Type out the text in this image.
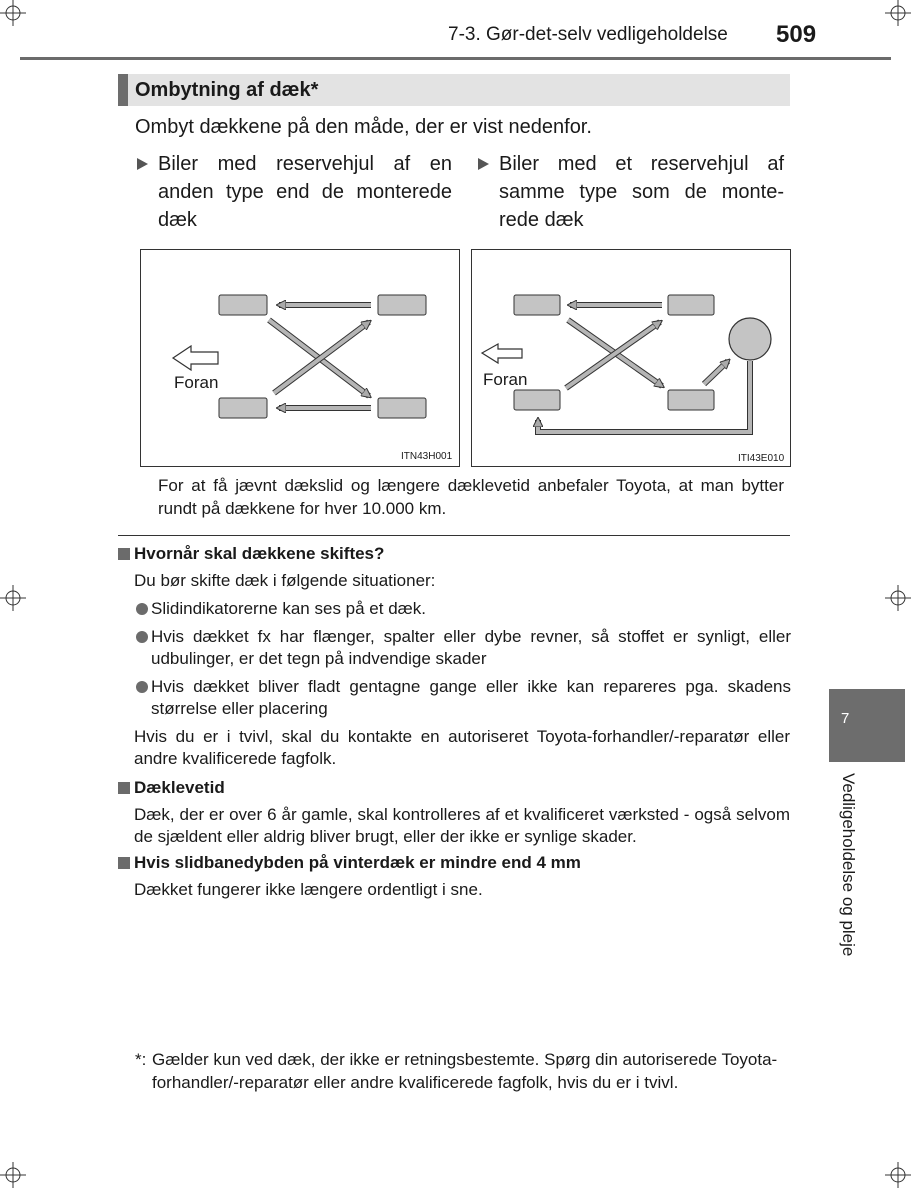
7-3. Gør-det-selv vedligeholdelse 509
Ombytning af dæk*
Ombyt dækkene på den måde, der er vist nedenfor.
Biler med reservehjul af en anden type end de monterede dæk
Biler med et reservehjul af samme type som de monte-rede dæk
Foran
ITN43H001
Foran
ITI43E010
For at få jævnt dækslid og længere dæklevetid anbefaler Toyota, at man bytter rundt på dækkene for hver 10.000 km.
Hvornår skal dækkene skiftes?
Du bør skifte dæk i følgende situationer:
Slidindikatorerne kan ses på et dæk.
Hvis dækket fx har flænger, spalter eller dybe revner, så stoffet er synligt, eller udbulinger, er det tegn på indvendige skader
Hvis dækket bliver fladt gentagne gange eller ikke kan repareres pga. skadens størrelse eller placering
Hvis du er i tvivl, skal du kontakte en autoriseret Toyota-forhandler/-reparatør eller andre kvalificerede fagfolk.
Dæklevetid
Dæk, der er over 6 år gamle, skal kontrolleres af et kvalificeret værksted - også selvom de sjældent eller aldrig bliver brugt, eller der ikke er synlige skader.
Hvis slidbanedybden på vinterdæk er mindre end 4 mm
Dækket fungerer ikke længere ordentligt i sne.
7
Vedligeholdelse og pleje
*: Gælder kun ved dæk, der ikke er retningsbestemte. Spørg din autoriserede Toyota-forhandler/-reparatør eller andre kvalificerede fagfolk, hvis du er i tvivl.
